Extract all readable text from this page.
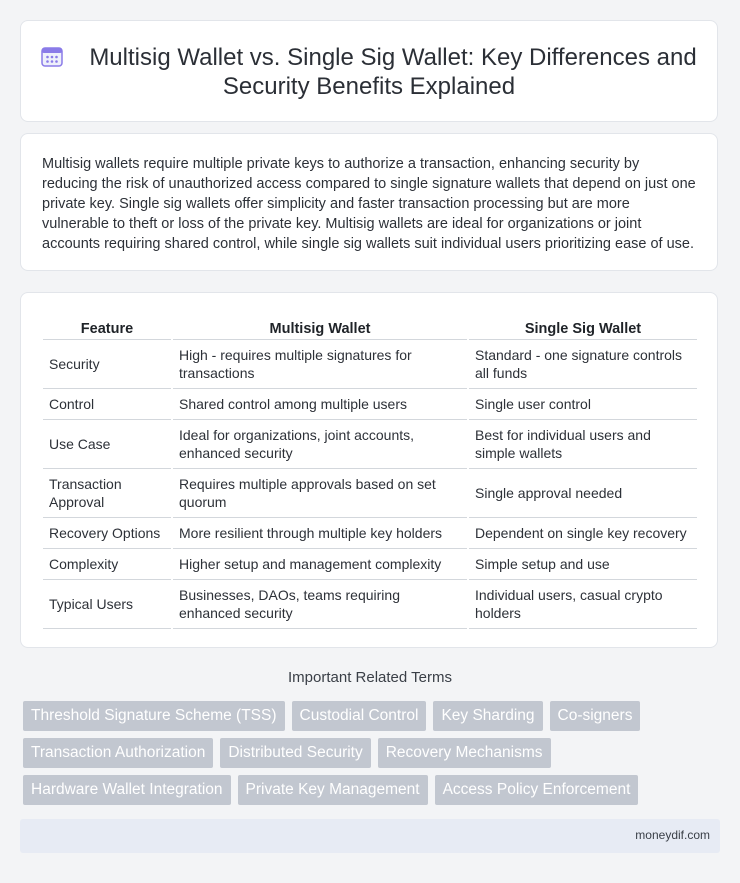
Multisig Wallet vs. Single Sig Wallet: Key Differences and Security Benefits Explained

Multisig wallets require multiple private keys to authorize a transaction, enhancing security by reducing the risk of unauthorized access compared to single signature wallets that depend on just one private key. Single sig wallets offer simplicity and faster transaction processing but are more vulnerable to theft or loss of the private key. Multisig wallets are ideal for organizations or joint accounts requiring shared control, while single sig wallets suit individual users prioritizing ease of use.

Feature	Multisig Wallet	Single Sig Wallet
Security	High - requires multiple signatures for transactions	Standard - one signature controls all funds
Control	Shared control among multiple users	Single user control
Use Case	Ideal for organizations, joint accounts, enhanced security	Best for individual users and simple wallets
Transaction Approval	Requires multiple approvals based on set quorum	Single approval needed
Recovery Options	More resilient through multiple key holders	Dependent on single key recovery
Complexity	Higher setup and management complexity	Simple setup and use
Typical Users	Businesses, DAOs, teams requiring enhanced security	Individual users, casual crypto holders
Important Related Terms
Threshold Signature Scheme (TSS)	Custodial Control	Key Sharding	Co-signers
Transaction Authorization	Distributed Security	Recovery Mechanisms
Hardware Wallet Integration	Private Key Management	Access Policy Enforcement
moneydif.com
